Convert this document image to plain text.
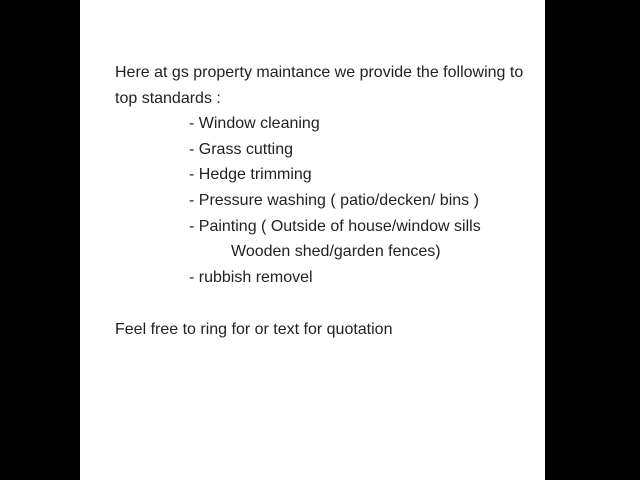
Here at gs property maintance we provide the following to
top standards :
- Window cleaning
- Grass cutting
- Hedge trimming
- Pressure washing ( patio/decken/ bins )
- Painting ( Outside of house/window sills
Wooden shed/garden fences)
- rubbish removel
Feel free to ring for or text for quotation
